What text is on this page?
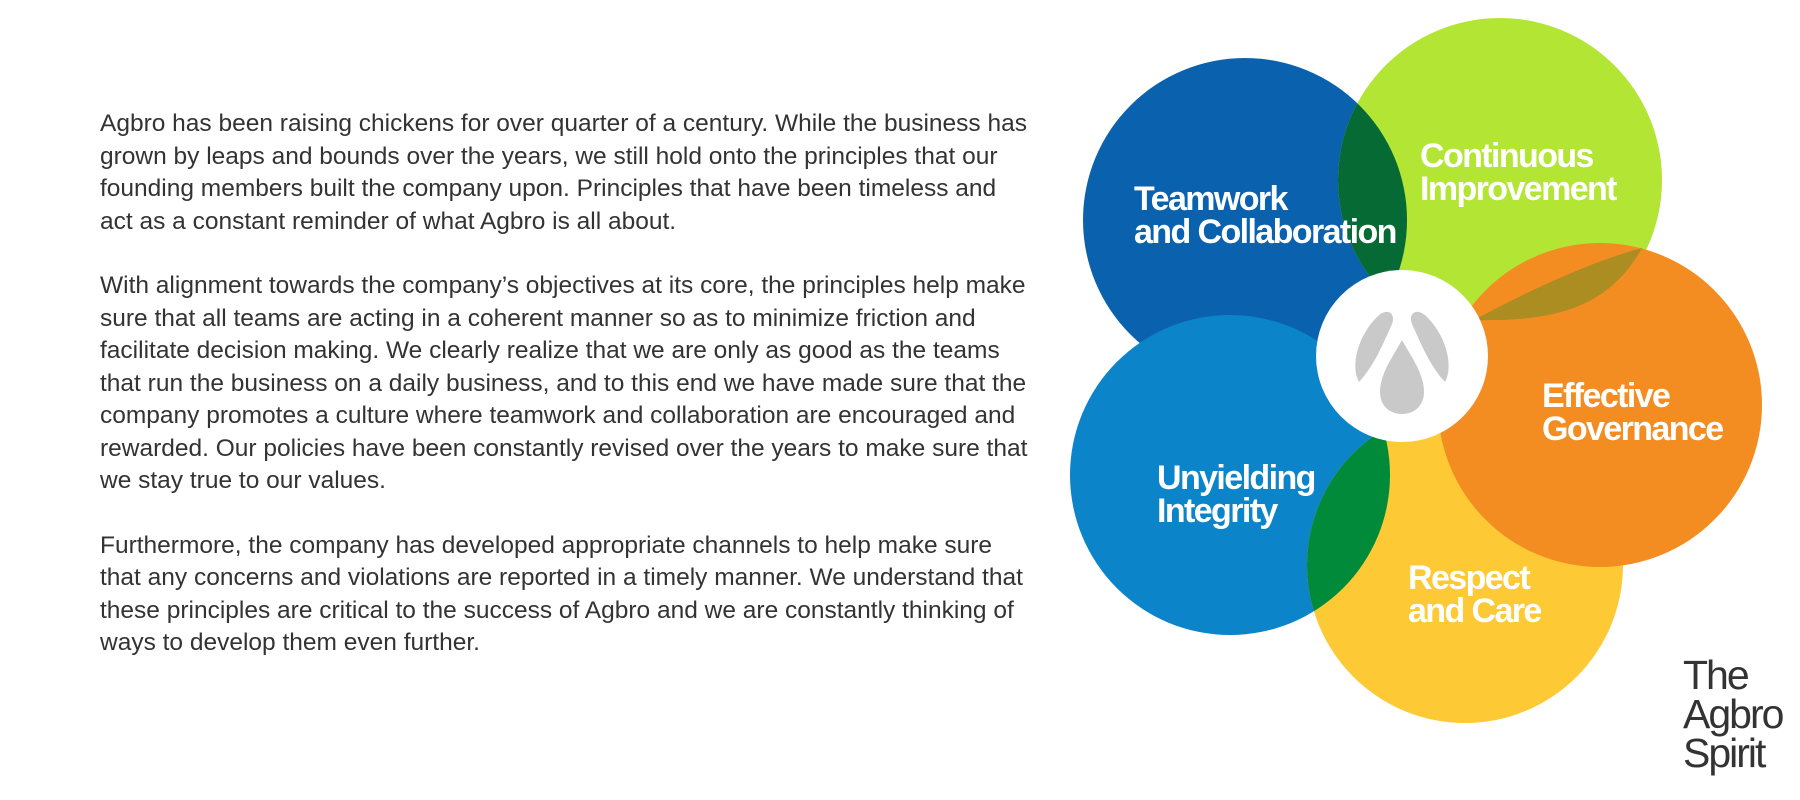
Agbro has been raising chickens for over quarter of a century. While the business has grown by leaps and bounds over the years, we still hold onto the principles that our founding members built the company upon. Principles that have been timeless and act as a constant reminder of what Agbro is all about.

With alignment towards the company’s objectives at its core, the principles help make sure that all teams are acting in a coherent manner so as to minimize friction and facilitate decision making. We clearly realize that we are only as good as the teams that run the business on a daily business, and to this end we have made sure that the company promotes a culture where teamwork and collaboration are encouraged and rewarded. Our policies have been constantly revised over the years to make sure that we stay true to our values.

Furthermore, the company has developed appropriate channels to help make sure that any concerns and violations are reported in a timely manner. We understand that these principles are critical to the success of Agbro and we are constantly thinking of ways to develop them even further.

Teamwork
and Collaboration
Continuous
Improvement
Effective
Governance
Respect
and Care
Unyielding
Integrity
The
Agbro
Spirit
